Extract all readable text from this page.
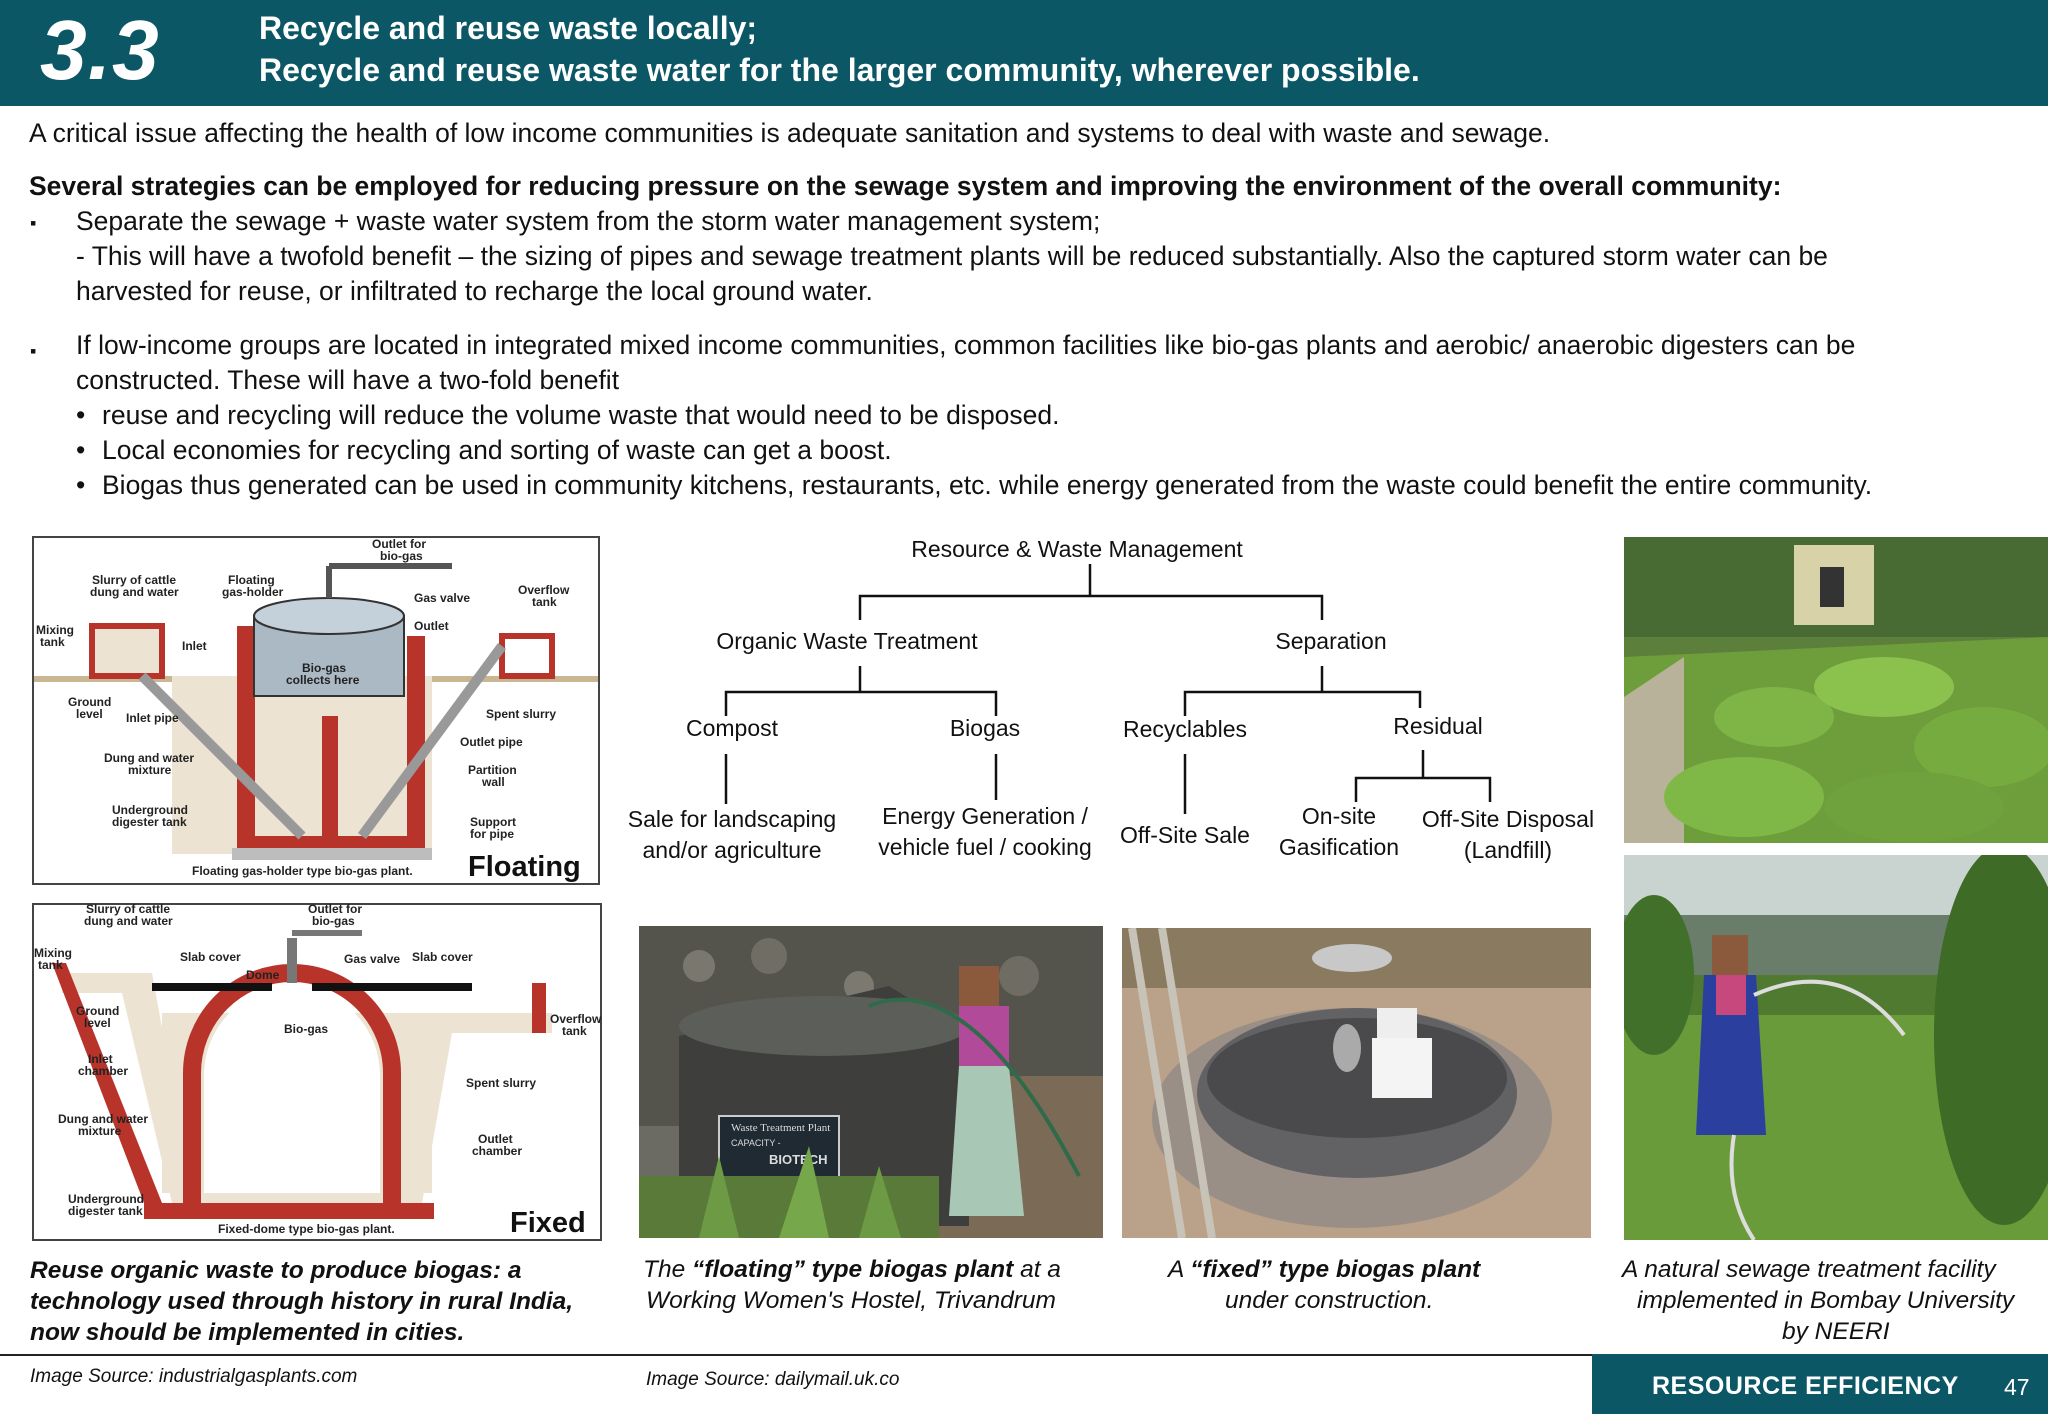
3.3	Recycle and reuse waste locally;
Recycle and reuse waste water for the larger community, wherever possible.
A critical issue affecting the health of low income communities is adequate sanitation and systems to deal with waste and sewage.
Several strategies can be employed for reducing pressure on the sewage system and improving the environment of the overall community:
▪ Separate the sewage + waste water system from the storm water management system;
- This will have a twofold benefit – the sizing of pipes and sewage treatment plants will be reduced substantially. Also the captured storm water can be
harvested for reuse, or infiltrated to recharge the local ground water.
▪ If low-income groups are located in integrated mixed income communities, common facilities like bio-gas plants and aerobic/ anaerobic digesters can be
constructed. These will have a two-fold benefit
• reuse and recycling will reduce the volume waste that would need to be disposed.
• Local economies for recycling and sorting of waste can get a boost.
• Biogas thus generated can be used in community kitchens, restaurants, etc. while energy generated from the waste could benefit the entire community.
Outlet for
bio-gas
Slurry of cattle
dung and water
Floating
gas-holder	Gas valve
Overflow
tank
Mixing
tank	Inlet
Outlet
Bio-gas
collects here
Ground
level Inlet pipe	Spent slurry
Dung and water
mixture
Outlet pipe
Partition
wall
Underground
digester tank	Support
for pipe
Floating gas-holder type bio-gas plant. Floating
Slurry of cattle
dung and water
Outlet for
bio-gas
Mixing
tank
Slab cover	Slab cover
Gas valve
Dome
Ground
level	Bio-gas
Overflow
tank
Inlet
chamber
Spent slurry
Dung and water
mixture
Outlet
chamber
Underground
digester tank
Fixed-dome type bio-gas plant.	Fixed
Resource & Waste Management
Organic Waste Treatment	Separation
Compost	Biogas	Recyclables	Residual
Sale for landscaping
and/or agriculture
Energy Generation /
vehicle fuel / cooking Off-Site Sale
On-site
Gasification
Off-Site Disposal
(Landfill)
Waste Treatment Plant
CAPACITY -
BIOTECH
Reuse organic waste to produce biogas: a
technology used through history in rural India,
now should be implemented in cities.
The “floating” type biogas plant at a
Working Women's Hostel, Trivandrum
A “fixed” type biogas plant
under construction.
A natural sewage treatment facility
implemented in Bombay University
by NEERI
Image Source: industrialgasplants.com	Image Source: dailymail.uk.co	RESOURCE EFFICIENCY 47
